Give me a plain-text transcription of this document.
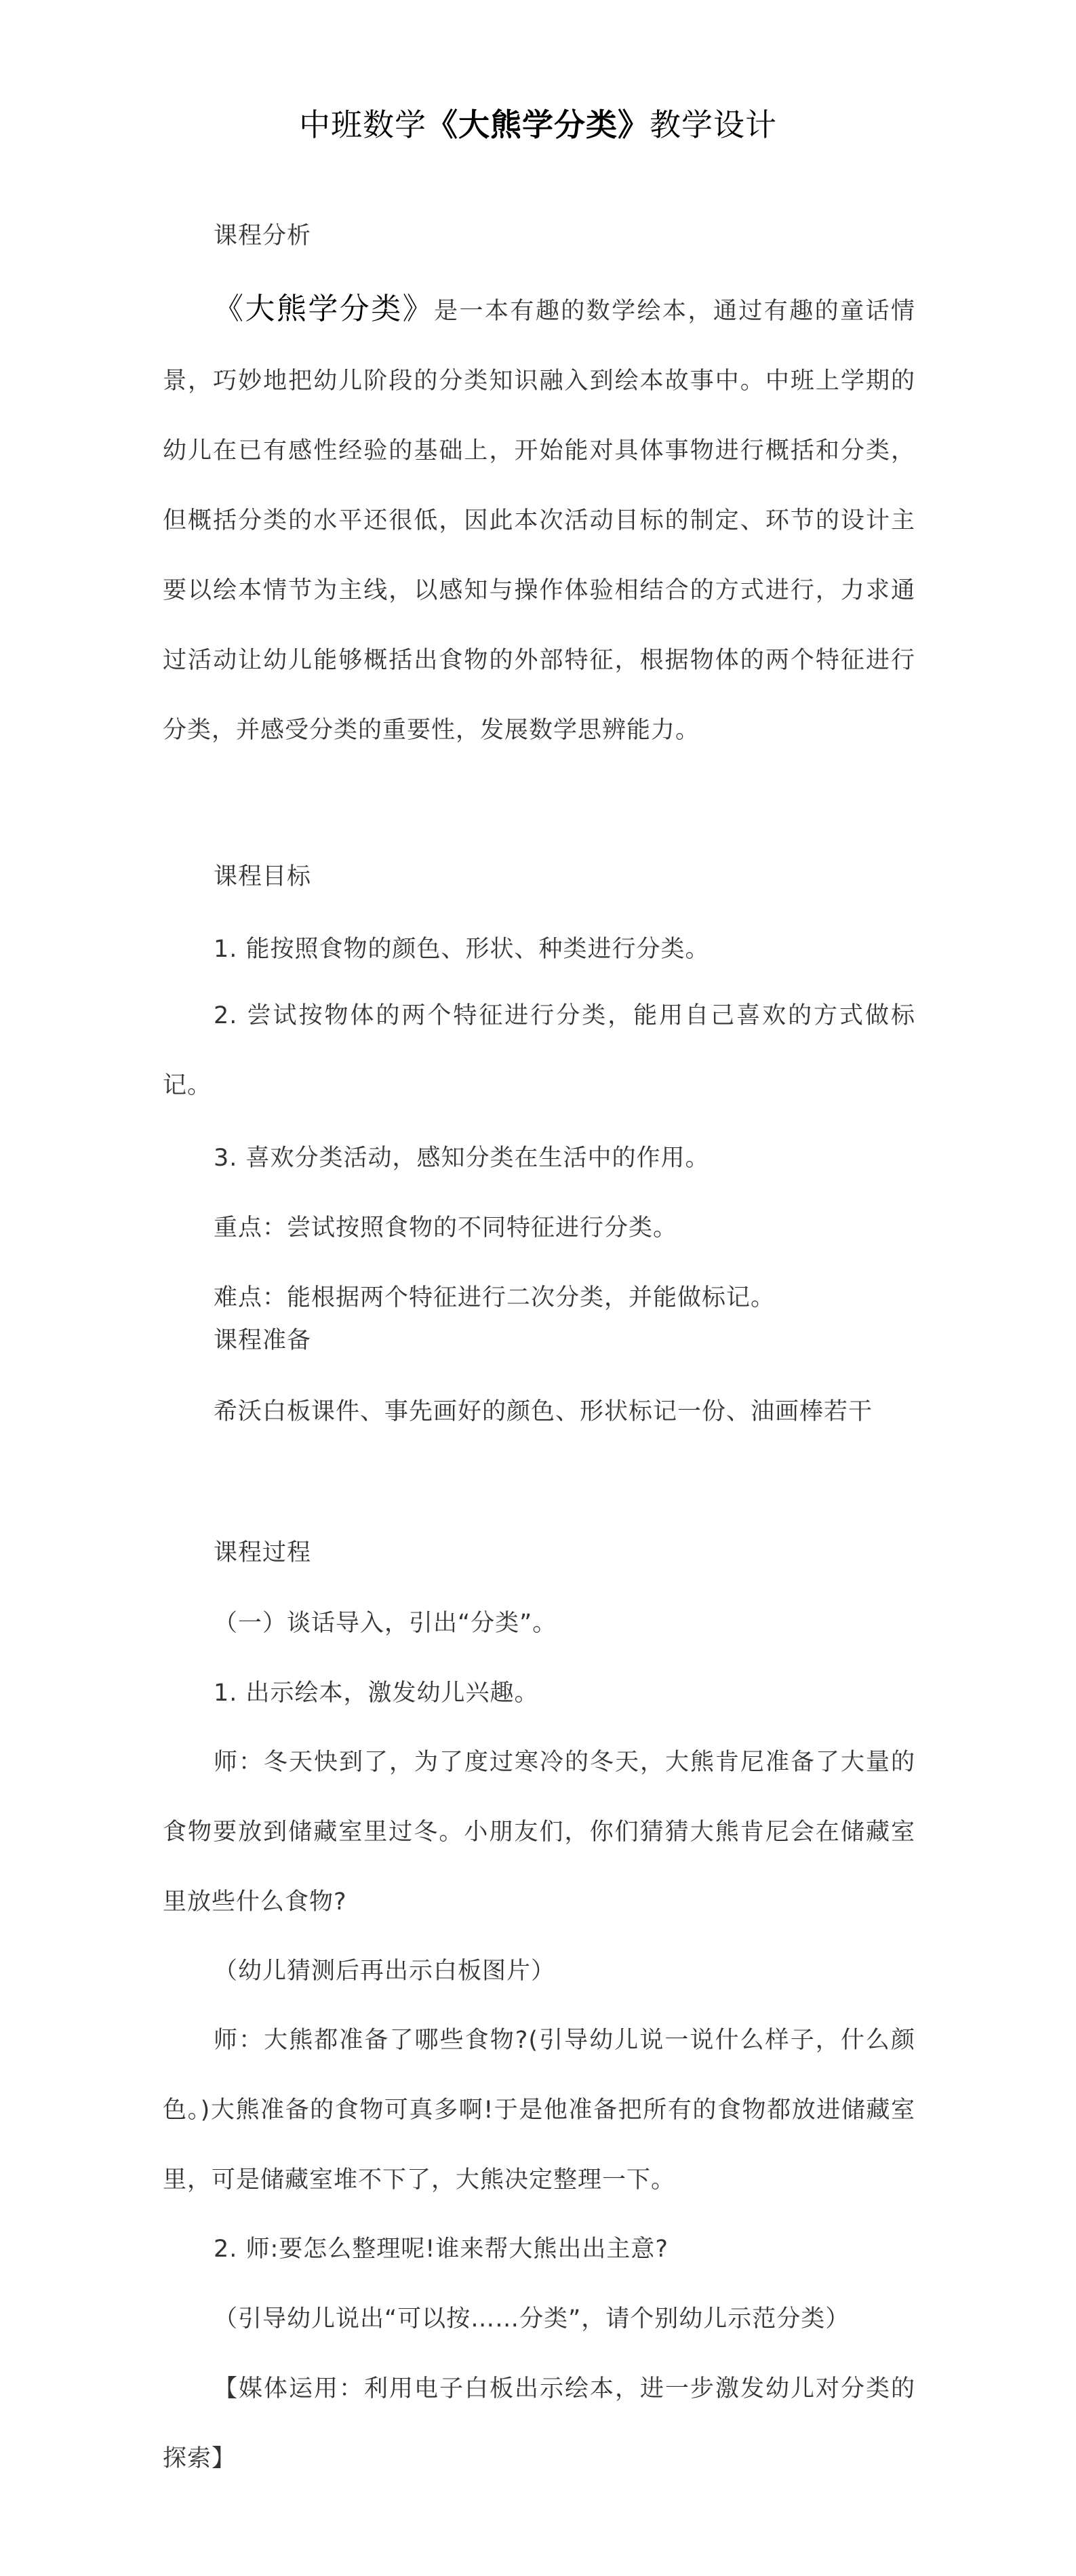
中班数学《大熊学分类》教学设计
课程分析
《大熊学分类》是一本有趣的数学绘本，通过有趣的童话情景，巧妙地把幼儿阶段的分类知识融入到绘本故事中。中班上学期的幼儿在已有感性经验的基础上，开始能对具体事物进行概括和分类，但概括分类的水平还很低，因此本次活动目标的制定、环节的设计主要以绘本情节为主线，以感知与操作体验相结合的方式进行，力求通过活动让幼儿能够概括出食物的外部特征，根据物体的两个特征进行分类，并感受分类的重要性，发展数学思辨能力。
课程目标
1. 能按照食物的颜色、形状、种类进行分类。
2. 尝试按物体的两个特征进行分类，能用自己喜欢的方式做标记。
3. 喜欢分类活动，感知分类在生活中的作用。
重点：尝试按照食物的不同特征进行分类。
难点：能根据两个特征进行二次分类，并能做标记。
课程准备
希沃白板课件、事先画好的颜色、形状标记一份、油画棒若干
课程过程
（一）谈话导入，引出“分类”。
1. 出示绘本，激发幼儿兴趣。
师：冬天快到了，为了度过寒冷的冬天，大熊肯尼准备了大量的食物要放到储藏室里过冬。小朋友们，你们猜猜大熊肯尼会在储藏室里放些什么食物?
（幼儿猜测后再出示白板图片）
师：大熊都准备了哪些食物?(引导幼儿说一说什么样子，什么颜色。)大熊准备的食物可真多啊!于是他准备把所有的食物都放进储藏室里，可是储藏室堆不下了，大熊决定整理一下。
2. 师:要怎么整理呢!谁来帮大熊出出主意?
（引导幼儿说出“可以按……分类”，请个别幼儿示范分类）
【媒体运用：利用电子白板出示绘本，进一步激发幼儿对分类的探索】
